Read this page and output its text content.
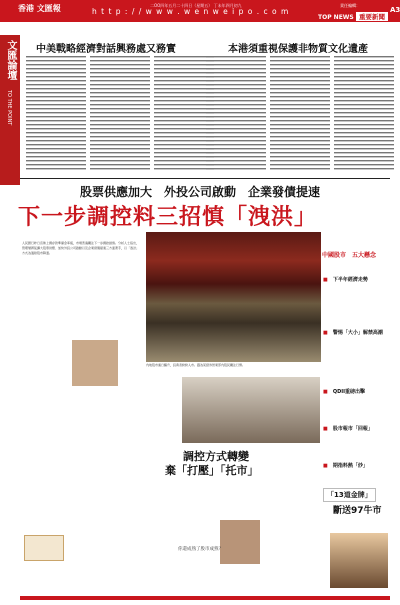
香港 文匯報	A3
h t t p : / / w w w . w e n w e i p o . c o m
二OO四年五月二十四日（星期五） 丁未年四月初九	責任編輯：
TOP NEWS 重要新聞
文匯論壇
TO THE POINT
中美戰略經濟對話興務處又務實	本港須重視保護非物質文化遺產
股票供應加大　外投公司啟動　企業發債提速
下一步調控料三招慎「洩洪」
人民銀行昨日宣佈上調存款準備金率後，市場普遍關注下一步調控措施。分析人士指出，管理層將從擴大股票供應、加快外投公司啟動以及企業發債提速三方面著手，以「洩洪」方式為過熱股市降溫。
內地股市連日飈升，投資者紛紛入市。圖為某證券營業部內股民關注行情。
中國股市　五大懸念
■ 下半年經濟走勢
■ 警惕「大小」解禁高潮
■ QDII重磅出擊
■ 股市報市「回報」
■ 期指料熱「炒」
調控方式轉變
棄「打壓」「托市」
你還成熟了股市成熟？
「13道金牌」
斷送97牛市
